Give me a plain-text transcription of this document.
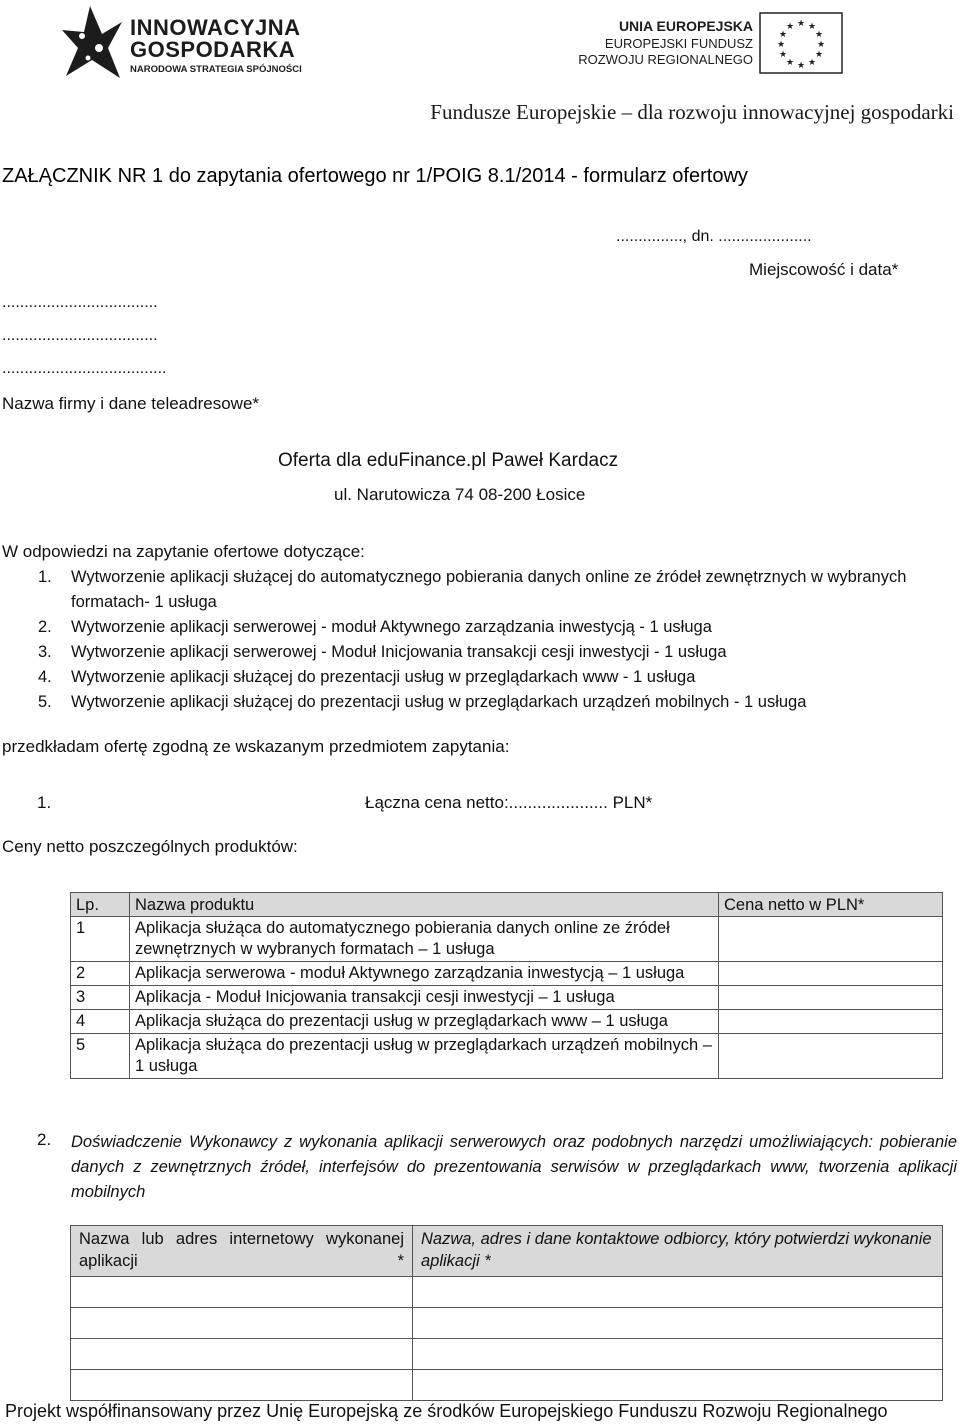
INNOWACYJNA
GOSPODARKA
NARODOWA STRATEGIA SPÓJNOŚCI
UNIA EUROPEJSKA
EUROPEJSKI FUNDUSZ
ROZWOJU REGIONALNEGO
★ ★
★
★
★
★
★
★
★
★
★
★
Fundusze Europejskie – dla rozwoju innowacyjnej gospodarki
ZAŁĄCZNIK NR 1 do zapytania ofertowego nr 1/POIG 8.1/2014 - formularz ofertowy
..............., dn. .....................
Miejscowość i data*
...................................
...................................
.....................................
Nazwa firmy i dane teleadresowe*
Oferta dla eduFinance.pl Paweł Kardacz
ul. Narutowicza 74 08-200 Łosice
W odpowiedzi na zapytanie ofertowe dotyczące:
1. Wytworzenie aplikacji służącej do automatycznego pobierania danych online ze źródeł zewnętrznych w wybranych formatach- 1 usługa
2. Wytworzenie aplikacji serwerowej - moduł Aktywnego zarządzania inwestycją - 1 usługa
3. Wytworzenie aplikacji serwerowej - Moduł Inicjowania transakcji cesji inwestycji - 1 usługa
4. Wytworzenie aplikacji służącej do prezentacji usług w przeglądarkach www - 1 usługa
5. Wytworzenie aplikacji służącej do prezentacji usług w przeglądarkach urządzeń mobilnych - 1 usługa
przedkładam ofertę zgodną ze wskazanym przedmiotem zapytania:
1.	Łączna cena netto:..................... PLN*
Ceny netto poszczególnych produktów:
Lp.	Nazwa produktu	Cena netto w PLN*
1	Aplikacja służąca do automatycznego pobierania danych online ze źródeł zewnętrznych w wybranych formatach – 1 usługa	
2	Aplikacja serwerowa - moduł Aktywnego zarządzania inwestycją – 1 usługa	
3	Aplikacja - Moduł Inicjowania transakcji cesji inwestycji – 1 usługa	
4	Aplikacja służąca do prezentacji usług w przeglądarkach www – 1 usługa	
5	Aplikacja służąca do prezentacji usług w przeglądarkach urządzeń mobilnych – 1 usługa	
2. Doświadczenie Wykonawcy z wykonania aplikacji serwerowych oraz podobnych narzędzi umożliwiających: pobieranie danych z zewnętrznych źródeł, interfejsów do prezentowania serwisów w przeglądarkach www, tworzenia aplikacji mobilnych
Nazwa lub adres internetowy wykonanej aplikacji *	Nazwa, adres i dane kontaktowe odbiorcy, który potwierdzi wykonanie aplikacji *

Projekt współfinansowany przez Unię Europejską ze środków Europejskiego Funduszu Rozwoju Regionalnego
